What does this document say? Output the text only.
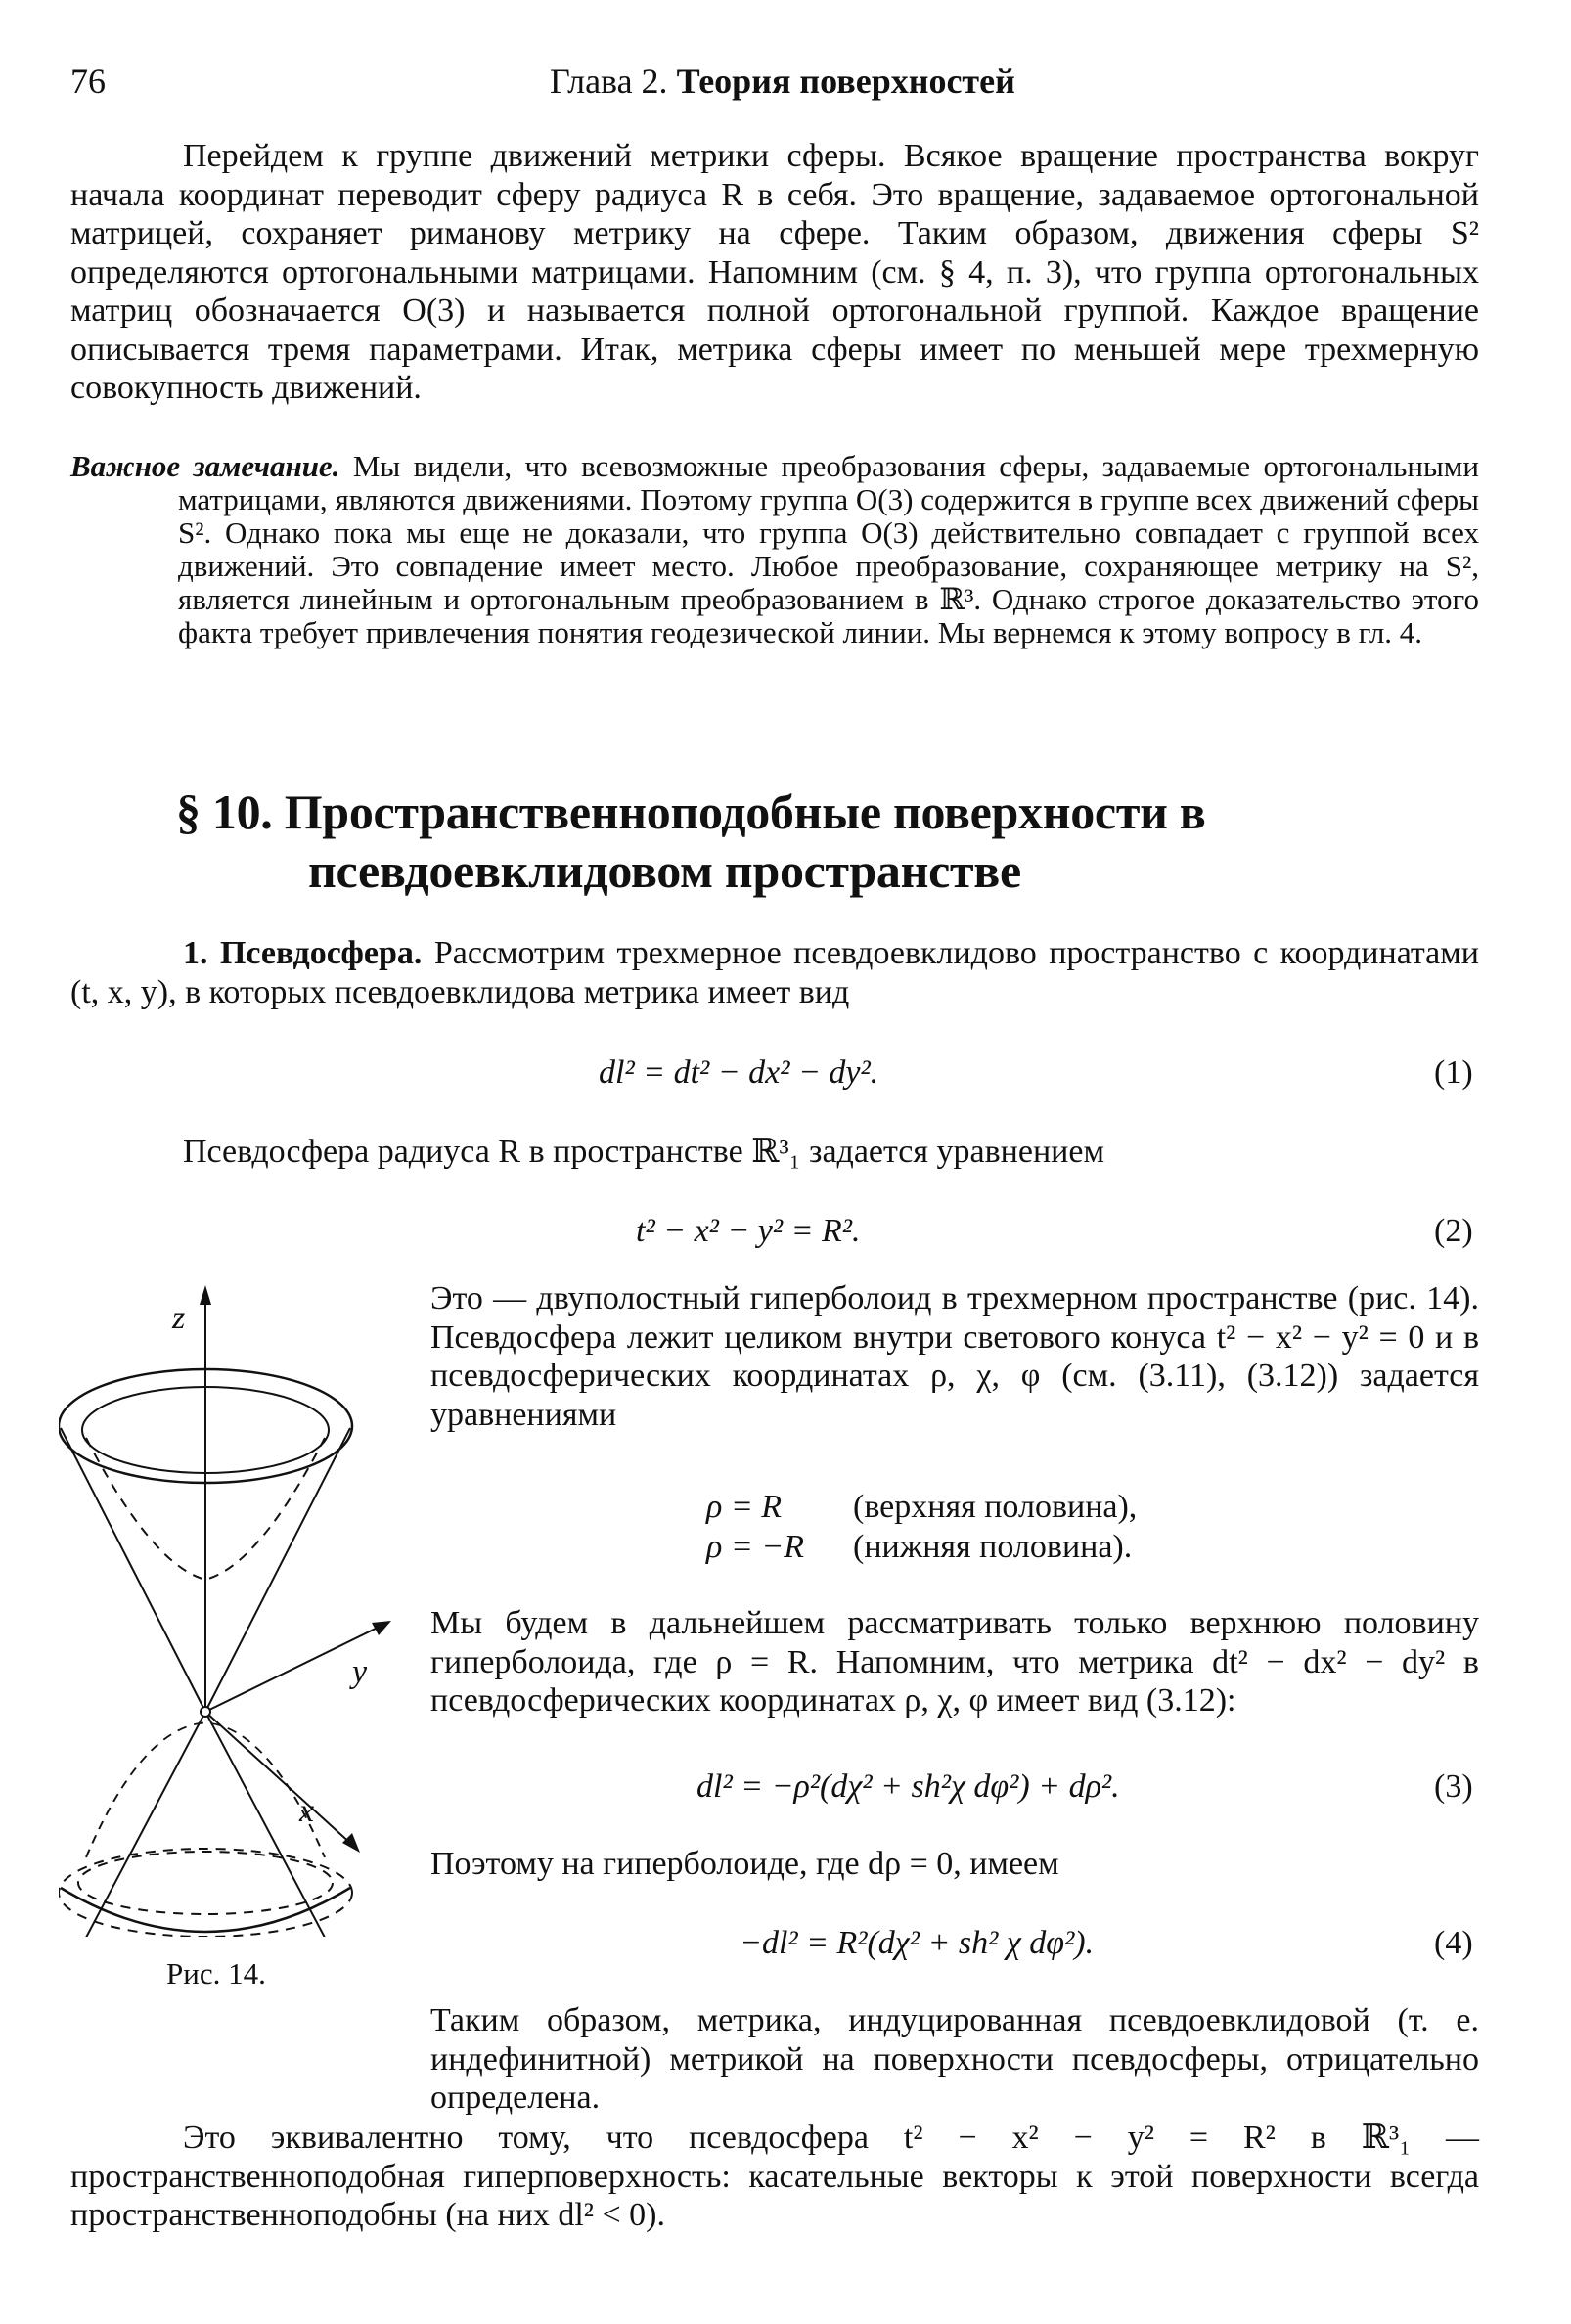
76	Глава 2. Теория поверхностей
Перейдем к группе движений метрики сферы. Всякое вращение пространства вокруг начала координат переводит сферу радиуса R в себя. Это вращение, задаваемое ортогональной матрицей, сохраняет риманову метрику на сфере. Таким образом, движения сферы S² определяются ортогональными матрицами. Напомним (см. § 4, п. 3), что группа ортогональных матриц обозначается O(3) и называется полной ортогональной группой. Каждое вращение описывается тремя параметрами. Итак, метрика сферы имеет по меньшей мере трехмерную совокупность движений.
Важное замечание. Мы видели, что всевозможные преобразования сферы, задаваемые ортогональными матрицами, являются движениями. Поэтому группа O(3) содержится в группе всех движений сферы S². Однако пока мы еще не доказали, что группа O(3) действительно совпадает с группой всех движений. Это совпадение имеет место. Любое преобразование, сохраняющее метрику на S², является линейным и ортогональным преобразованием в ℝ³. Однако строгое доказательство этого факта требует привлечения понятия геодезической линии. Мы вернемся к этому вопросу в гл. 4.
§ 10. Пространственноподобные поверхности в
псевдоевклидовом пространстве
1. Псевдосфера. Рассмотрим трехмерное псевдоевклидово пространство с координатами (t, x, y), в которых псевдоевклидова метрика имеет вид
dl² = dt² − dx² − dy².	(1)
Псевдосфера радиуса R в пространстве ℝ³₁ задается уравнением
t² − x² − y² = R².	(2)
z
y
x
Рис. 14.
Это — двуполостный гиперболоид в трехмерном пространстве (рис. 14). Псевдосфера лежит целиком внутри светового конуса t² − x² − y² = 0 и в псевдосферических координатах ρ, χ, φ (см. (3.11), (3.12)) задается уравнениями
ρ = R (верхняя половина),
ρ = −R (нижняя половина).
Мы будем в дальнейшем рассматривать только верхнюю половину гиперболоида, где ρ = R. Напомним, что метрика dt² − dx² − dy² в псевдосферических координатах ρ, χ, φ имеет вид (3.12):
dl² = −ρ²(dχ² + sh²χ dφ²) + dρ².	(3)
Поэтому на гиперболоиде, где dρ = 0, имеем
−dl² = R²(dχ² + sh² χ dφ²).	(4)
Таким образом, метрика, индуцированная псевдоевклидовой (т. е. индефинитной) метрикой на поверхности псевдосферы, отрицательно определена.
Это эквивалентно тому, что псевдосфера t² − x² − y² = R² в ℝ³₁ — пространственноподобная гиперповерхность: касательные векторы к этой поверхности всегда пространственноподобны (на них dl² < 0).
